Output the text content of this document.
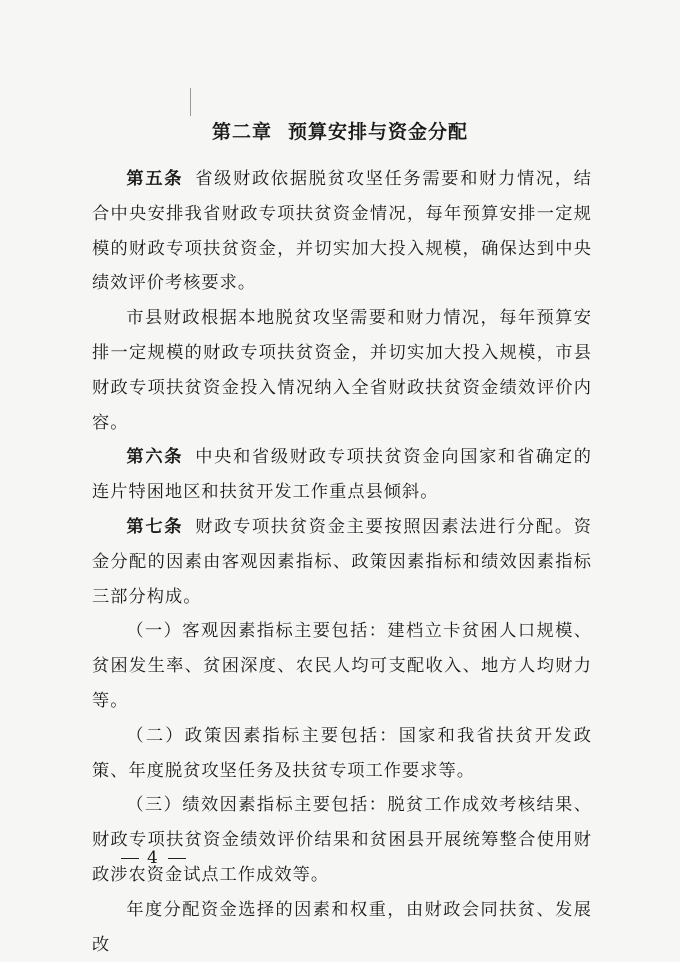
第二章 预算安排与资金分配

第五条 省级财政依据脱贫攻坚任务需要和财力情况，结合中央安排我省财政专项扶贫资金情况，每年预算安排一定规模的财政专项扶贫资金，并切实加大投入规模，确保达到中央绩效评价考核要求。

市县财政根据本地脱贫攻坚需要和财力情况，每年预算安排一定规模的财政专项扶贫资金，并切实加大投入规模，市县财政专项扶贫资金投入情况纳入全省财政扶贫资金绩效评价内容。

第六条 中央和省级财政专项扶贫资金向国家和省确定的连片特困地区和扶贫开发工作重点县倾斜。

第七条 财政专项扶贫资金主要按照因素法进行分配。资金分配的因素由客观因素指标、政策因素指标和绩效因素指标三部分构成。

（一）客观因素指标主要包括：建档立卡贫困人口规模、贫困发生率、贫困深度、农民人均可支配收入、地方人均财力等。

（二）政策因素指标主要包括：国家和我省扶贫开发政策、年度脱贫攻坚任务及扶贫专项工作要求等。

（三）绩效因素指标主要包括：脱贫工作成效考核结果、财政专项扶贫资金绩效评价结果和贫困县开展统筹整合使用财政涉农资金试点工作成效等。

年度分配资金选择的因素和权重，由财政会同扶贫、发展改

4
